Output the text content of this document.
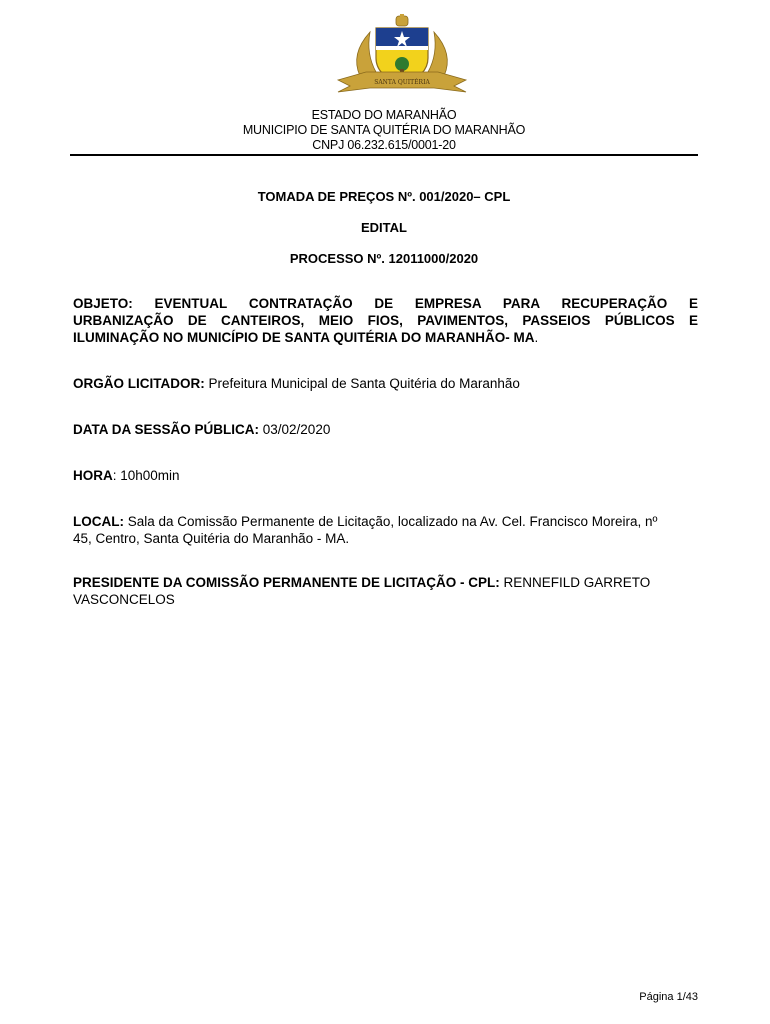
SANTA QUITÉRIA
ESTADO DO MARANHÃO
MUNICIPIO DE SANTA QUITÉRIA DO MARANHÃO
CNPJ 06.232.615/0001-20
TOMADA DE PREÇOS Nº. 001/2020– CPL
EDITAL
PROCESSO Nº. 12011000/2020
OBJETO: EVENTUAL CONTRATAÇÃO DE EMPRESA PARA RECUPERAÇÃO E
URBANIZAÇÃO DE CANTEIROS, MEIO FIOS, PAVIMENTOS, PASSEIOS PÚBLICOS E
ILUMINAÇÃO NO MUNICÍPIO DE SANTA QUITÉRIA DO MARANHÃO- MA.
ORGÃO LICITADOR: Prefeitura Municipal de Santa Quitéria do Maranhão
DATA DA SESSÃO PÚBLICA: 03/02/2020
HORA: 10h00min
LOCAL: Sala da Comissão Permanente de Licitação, localizado na Av. Cel. Francisco Moreira, nº
45, Centro, Santa Quitéria do Maranhão - MA.
PRESIDENTE DA COMISSÃO PERMANENTE DE LICITAÇÃO - CPL: RENNEFILD GARRETO
VASCONCELOS
Página 1/43
